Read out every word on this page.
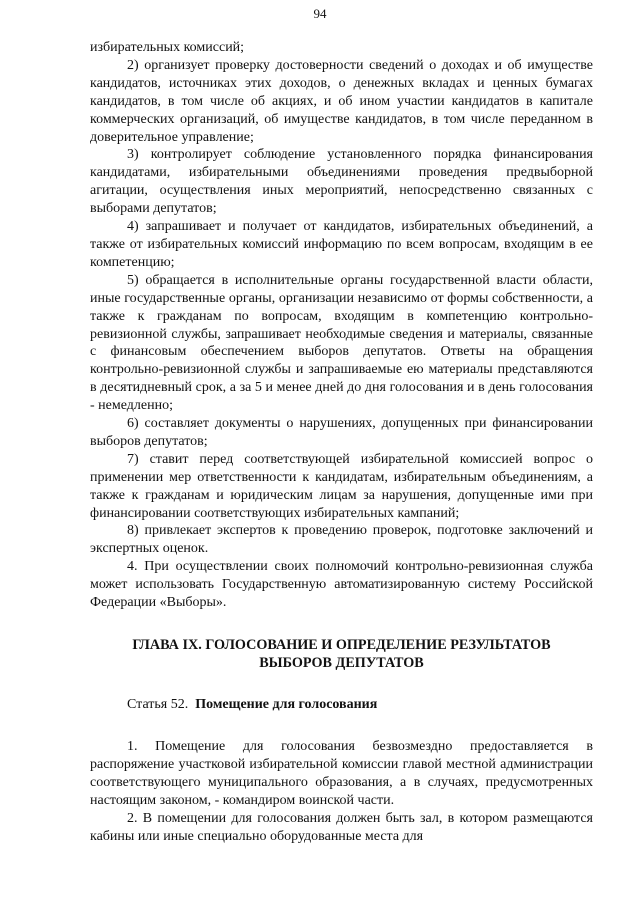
94

избирательных комиссий;

2) организует проверку достоверности сведений о доходах и об имуществе кандидатов, источниках этих доходов, о денежных вкладах и ценных бумагах кандидатов, в том числе об акциях, и об ином участии кандидатов в капитале коммерческих организаций, об имуществе кандидатов, в том числе переданном в доверительное управление;

3) контролирует соблюдение установленного порядка финансирования кандидатами, избирательными объединениями проведения предвыборной агитации, осуществления иных мероприятий, непосредственно связанных с выборами депутатов;

4) запрашивает и получает от кандидатов, избирательных объединений, а также от избирательных комиссий информацию по всем вопросам, входящим в ее компетенцию;

5) обращается в исполнительные органы государственной власти области, иные государственные органы, организации независимо от формы собственности, а также к гражданам по вопросам, входящим в компетенцию контрольно-ревизионной службы, запрашивает необходимые сведения и материалы, связанные с финансовым обеспечением выборов депутатов. Ответы на обращения контрольно-ревизионной службы и запрашиваемые ею материалы представляются в десятидневный срок, а за 5 и менее дней до дня голосования и в день голосования - немедленно;

6) составляет документы о нарушениях, допущенных при финансировании выборов депутатов;

7) ставит перед соответствующей избирательной комиссией вопрос о применении мер ответственности к кандидатам, избирательным объединениям, а также к гражданам и юридическим лицам за нарушения, допущенные ими при финансировании соответствующих избирательных кампаний;

8) привлекает экспертов к проведению проверок, подготовке заключений и экспертных оценок.

4. При осуществлении своих полномочий контрольно-ревизионная служба может использовать Государственную автоматизированную систему Российской Федерации «Выборы».

ГЛАВА IX. ГОЛОСОВАНИЕ И ОПРЕДЕЛЕНИЕ РЕЗУЛЬТАТОВ
ВЫБОРОВ ДЕПУТАТОВ
Статья 52. Помещение для голосования

1. Помещение для голосования безвозмездно предоставляется в распоряжение участковой избирательной комиссии главой местной администрации соответствующего муниципального образования, а в случаях, предусмотренных настоящим законом, - командиром воинской части.

2. В помещении для голосования должен быть зал, в котором размещаются кабины или иные специально оборудованные места для
